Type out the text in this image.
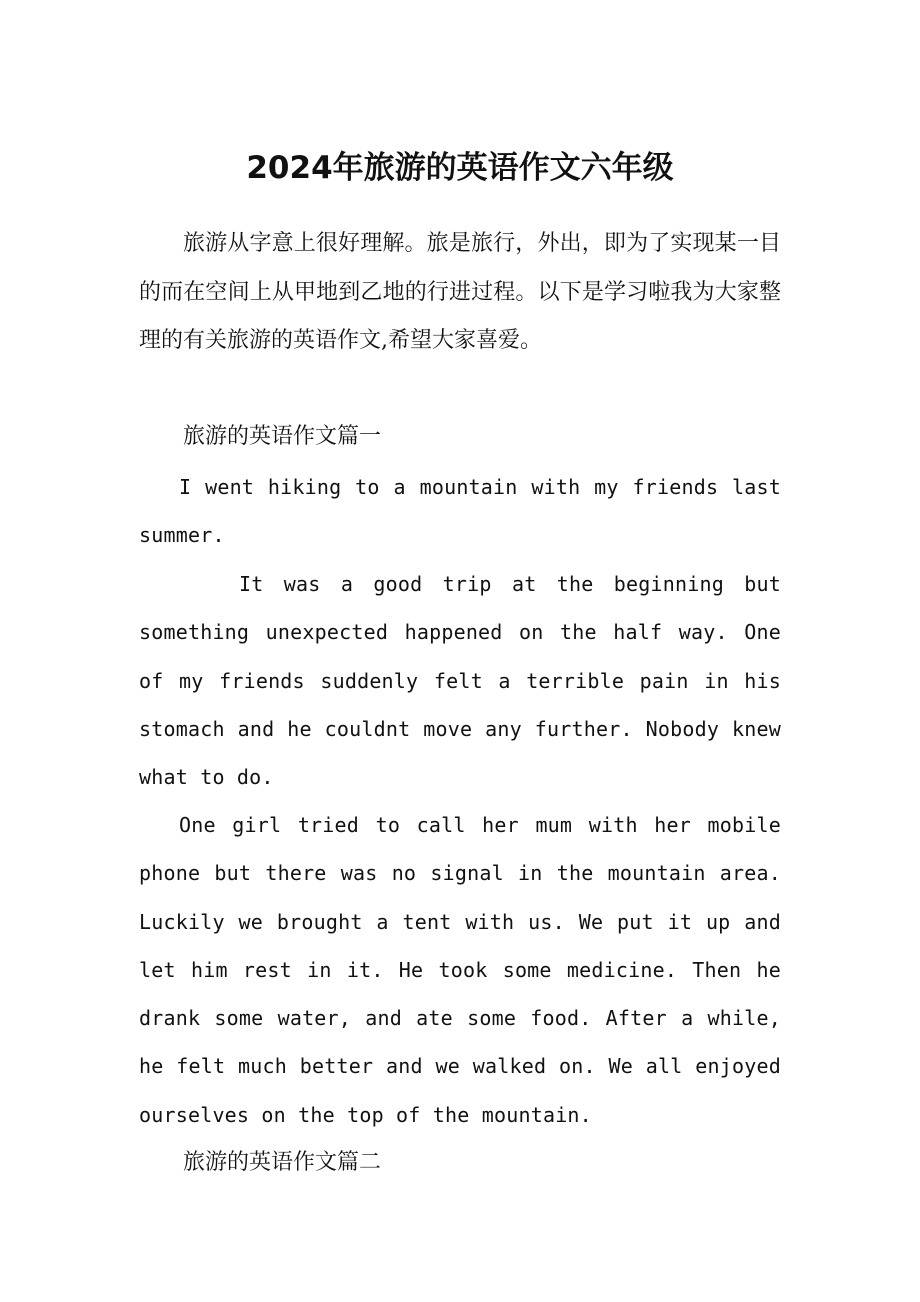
2024年旅游的英语作文六年级

旅游从字意上很好理解。旅是旅行，外出，即为了实现某一目的而在空间上从甲地到乙地的行进过程。以下是学习啦我为大家整理的有关旅游的英语作文,希望大家喜爱。

旅游的英语作文篇一

I went hiking to a mountain with my friends last summer.

It was a good trip at the beginning but something unexpected happened on the half way. One of my friends suddenly felt a terrible pain in his stomach and he couldnt move any further. Nobody knew what to do.

One girl tried to call her mum with her mobile phone but there was no signal in the mountain area. Luckily we brought a tent with us. We put it up and let him rest in it. He took some medicine. Then he drank some water, and ate some food. After a while, he felt much better and we walked on. We all enjoyed ourselves on the top of the mountain.

旅游的英语作文篇二
